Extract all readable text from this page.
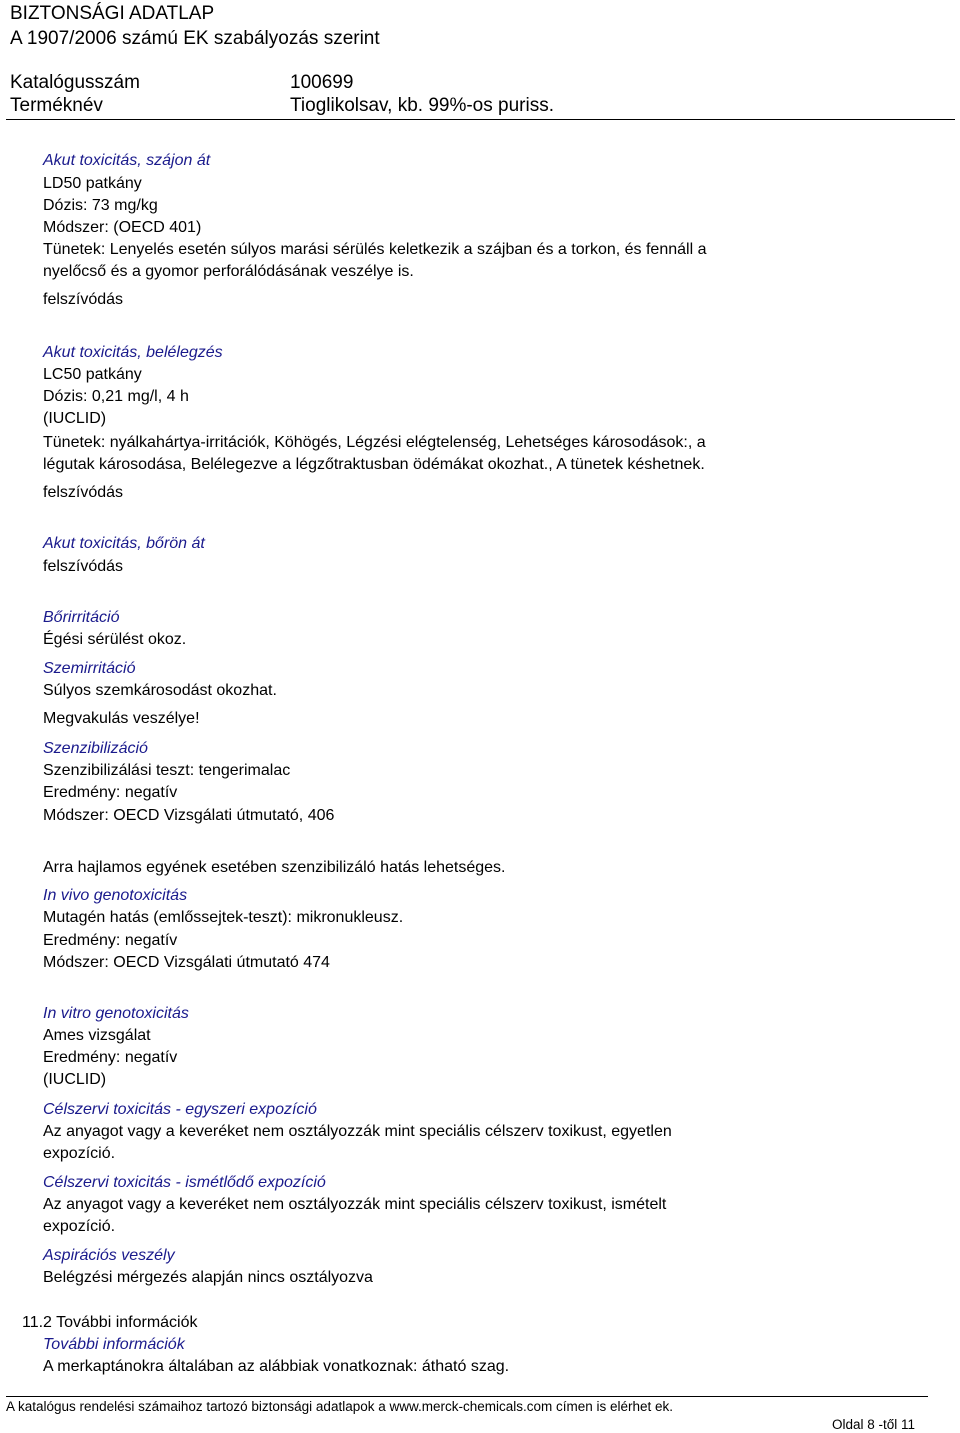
BIZTONSÁGI ADATLAP
A 1907/2006 számú EK szabályozás szerint
Katalógusszám	100699
Terméknév	Tioglikolsav, kb. 99%-os puriss.
Akut toxicitás, szájon át
LD50 patkány
Dózis: 73 mg/kg
Módszer: (OECD 401)
Tünetek: Lenyelés esetén súlyos marási sérülés keletkezik a szájban és a torkon, és fennáll a
nyelőcső és a gyomor perforálódásának veszélye is.
felszívódás
Akut toxicitás, belélegzés
LC50 patkány
Dózis: 0,21 mg/l, 4 h
(IUCLID)
Tünetek: nyálkahártya-irritációk, Köhögés, Légzési elégtelenség, Lehetséges károsodások:, a
légutak károsodása, Belélegezve a légzőtraktusban ödémákat okozhat., A tünetek késhetnek.
felszívódás
Akut toxicitás, bőrön át
felszívódás
Bőrirritáció
Égési sérülést okoz.
Szemirritáció
Súlyos szemkárosodást okozhat.
Megvakulás veszélye!
Szenzibilizáció
Szenzibilizálási teszt: tengerimalac
Eredmény: negatív
Módszer: OECD Vizsgálati útmutató, 406
Arra hajlamos egyének esetében szenzibilizáló hatás lehetséges.
In vivo genotoxicitás
Mutagén hatás (emlőssejtek-teszt): mikronukleusz.
Eredmény: negatív
Módszer: OECD Vizsgálati útmutató 474
In vitro genotoxicitás
Ames vizsgálat
Eredmény: negatív
(IUCLID)
Célszervi toxicitás - egyszeri expozíció
Az anyagot vagy a keveréket nem osztályozzák mint speciális célszerv toxikust, egyetlen
expozíció.
Célszervi toxicitás - ismétlődő expozíció
Az anyagot vagy a keveréket nem osztályozzák mint speciális célszerv toxikust, ismételt
expozíció.
Aspirációs veszély
Belégzési mérgezés alapján nincs osztályozva
11.2 További információk
További információk
A merkaptánokra általában az alábbiak vonatkoznak: átható szag.
A katalógus rendelési számaihoz tartozó biztonsági adatlapok a www.merck-chemicals.com címen is elérhet ek.
Oldal 8 -től 11
